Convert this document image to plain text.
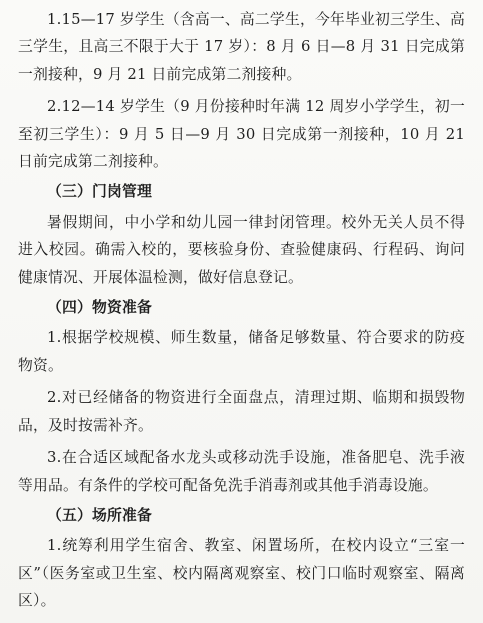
1.15—17 岁学生（含高一、高二学生，今年毕业初三学生、高三学生，且高三不限于大于 17 岁）：8 月 6 日—8 月 31 日完成第一剂接种，9 月 21 日前完成第二剂接种。

2.12—14 岁学生（9 月份接种时年满 12 周岁小学学生，初一至初三学生）：9 月 5 日—9 月 30 日完成第一剂接种，10 月 21 日前完成第二剂接种。

（三）门岗管理

暑假期间，中小学和幼儿园一律封闭管理。校外无关人员不得进入校园。确需入校的，要核验身份、查验健康码、行程码、询问健康情况、开展体温检测，做好信息登记。

（四）物资准备

1.根据学校规模、师生数量，储备足够数量、符合要求的防疫物资。

2.对已经储备的物资进行全面盘点，清理过期、临期和损毁物品，及时按需补齐。

3.在合适区域配备水龙头或移动洗手设施，准备肥皂、洗手液等用品。有条件的学校可配备免洗手消毒剂或其他手消毒设施。

（五）场所准备

1.统筹利用学生宿舍、教室、闲置场所，在校内设立“三室一区”（医务室或卫生室、校内隔离观察室、校门口临时观察室、隔离区）。
